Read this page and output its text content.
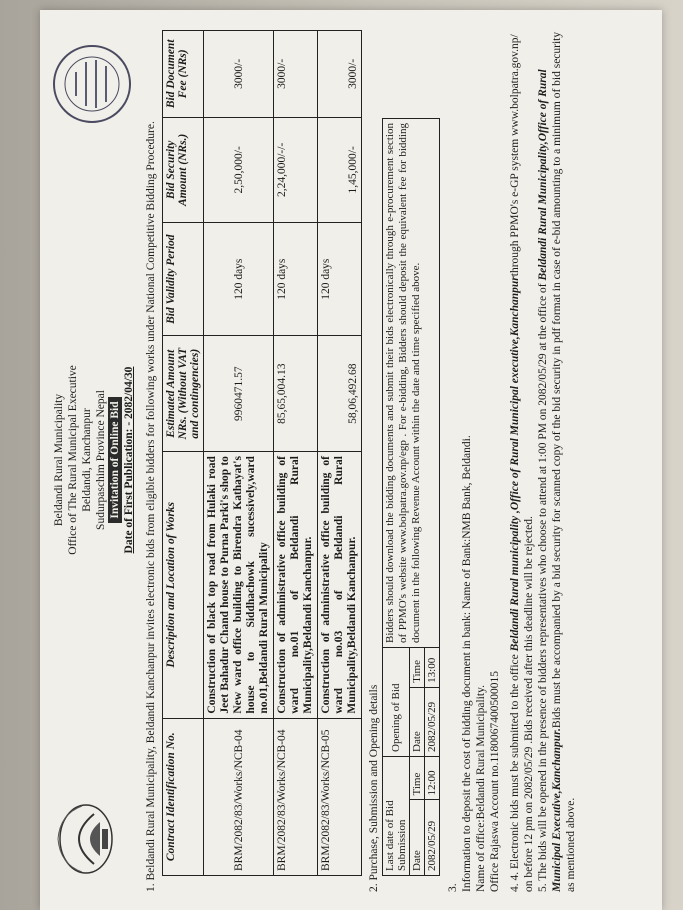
Beldandi Rural Municipality Office of The Rural Municipal Executive Beldandi, Kanchanpur Sudurpaschim Province Nepal Invitation of Online Bid Date of First Publication: - 2082/04/30
1. Beldandi Rural Municipality, Beldandi Kanchanpur invites electronic bids from eligible bidders for following works under National Competitive Bidding Procedure. Contract Identification No.	Description and Location of Works	Estimated Amount NRs. (Without VAT and contingencies)	Bid Validity Period	Bid Security Amount (NRs.)	Bid Document Fee (NRs)
BRM/2082/83/Works/NCB-04	Construction of black top road from Hulaki road Jeet Bahadur Chand house to Purna Parki's shop to New ward office building to Birendra Kathayat's house to Siddhachowk sucessively,ward no.01,Beldandi Rural Municipality	9960471.57	120 days	2,50,000/-	3000/-
BRM/2082/83/Works/NCB-04	Construction of administrative office building of ward no.01 of Beldandi Rural Municipality,Beldandi Kanchanpur.	85,65,004.13	120 days	2,24,000/-/-	3000/-
BRM/2082/83/Works/NCB-05	Construction of administrative office building of ward no.03 of Beldandi Rural Municipality,Beldandi Kanchanpur.	58,06,492.68	120 days	1,45,000/-	3000/-
2. Purchase, Submission and Opening details Last date of Bid Submission		Opening of Bid	
Date	Time	Date	Time
2082/05/29	12:00	2082/05/29	13:00
Bidders should download the bidding documents and submit their bids electronically through e-procurement section of PPMO's website www.bolpatra.gov.np/egp . For e-bidding, Bidders should deposit the equivalent fee for bidding document in the following Revenue Account within the date and time specified above.
3. Information to deposit the cost of bidding document in bank: Name of Bank:NMB Bank, Beldandi. Name of office:Beldandi Rural Municipality. Office Rajaswa Account no.1180067400500015 4. 4. Electronic bids must be submitted to the office Beldandi Rural municipality ,Office of Rural Municipal executive,Kanchanpurthrough PPMO's e-GP system www.bolpatra.gov.np/
on before 12 pm on 2082/05/29 .Bids received after this deadline will be rejected. 5. The bids will be opened in the presence of bidders representatives who choose to attend at 1:00 PM on 2082/05/29 at the office of Beldandi Rural Municipality,Office of Rural
Municipal Executive,Kanchanpur.Bids must be accompanied by a bid security for scanned copy of the bid security in pdf format in case of e-bid amounting to a minimum of bid security as mentioned above.
